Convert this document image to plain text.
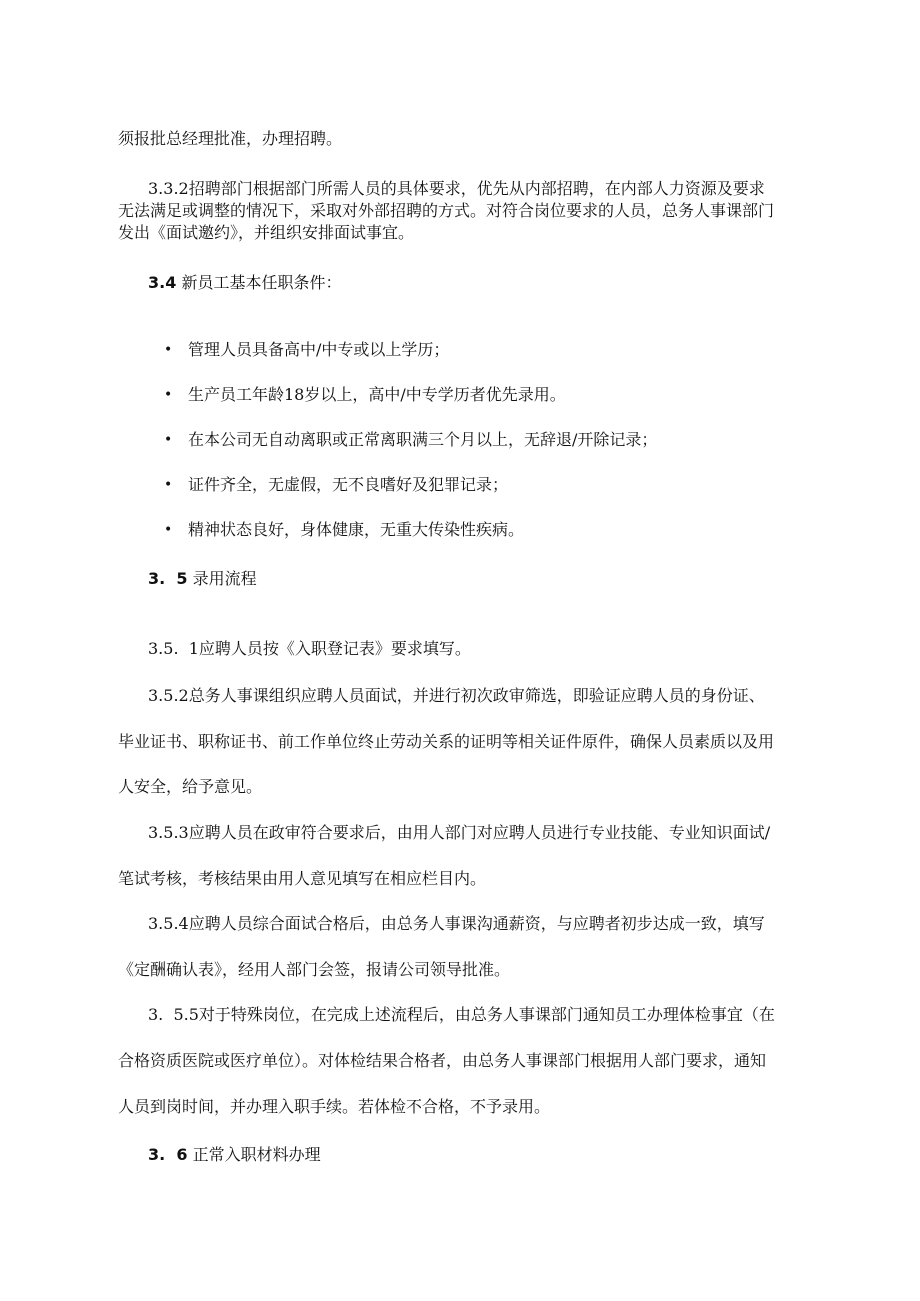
须报批总经理批准，办理招聘。
3.3.2招聘部门根据部门所需人员的具体要求，优先从内部招聘，在内部人力资源及要求
无法满足或调整的情况下，采取对外部招聘的方式。对符合岗位要求的人员，总务人事课部门
发出《面试邀约》，并组织安排面试事宜。
3.4 新员工基本任职条件：
• 管理人员具备高中/中专或以上学历；
• 生产员工年龄18岁以上，高中/中专学历者优先录用。
• 在本公司无自动离职或正常离职满三个月以上，无辞退/开除记录；
• 证件齐全，无虚假，无不良嗜好及犯罪记录；
• 精神状态良好，身体健康，无重大传染性疾病。
3.  5 录用流程
3.5.  1应聘人员按《入职登记表》要求填写。
3.5.2总务人事课组织应聘人员面试，并进行初次政审筛选，即验证应聘人员的身份证、
毕业证书、职称证书、前工作单位终止劳动关系的证明等相关证件原件，确保人员素质以及用
人安全，给予意见。
3.5.3应聘人员在政审符合要求后，由用人部门对应聘人员进行专业技能、专业知识面试/
笔试考核，考核结果由用人意见填写在相应栏目内。
3.5.4应聘人员综合面试合格后，由总务人事课沟通薪资，与应聘者初步达成一致，填写
《定酬确认表》，经用人部门会签，报请公司领导批准。
3.  5.5对于特殊岗位，在完成上述流程后，由总务人事课部门通知员工办理体检事宜（在
合格资质医院或医疗单位）。对体检结果合格者，由总务人事课部门根据用人部门要求，通知
人员到岗时间，并办理入职手续。若体检不合格，不予录用。
3.  6 正常入职材料办理
